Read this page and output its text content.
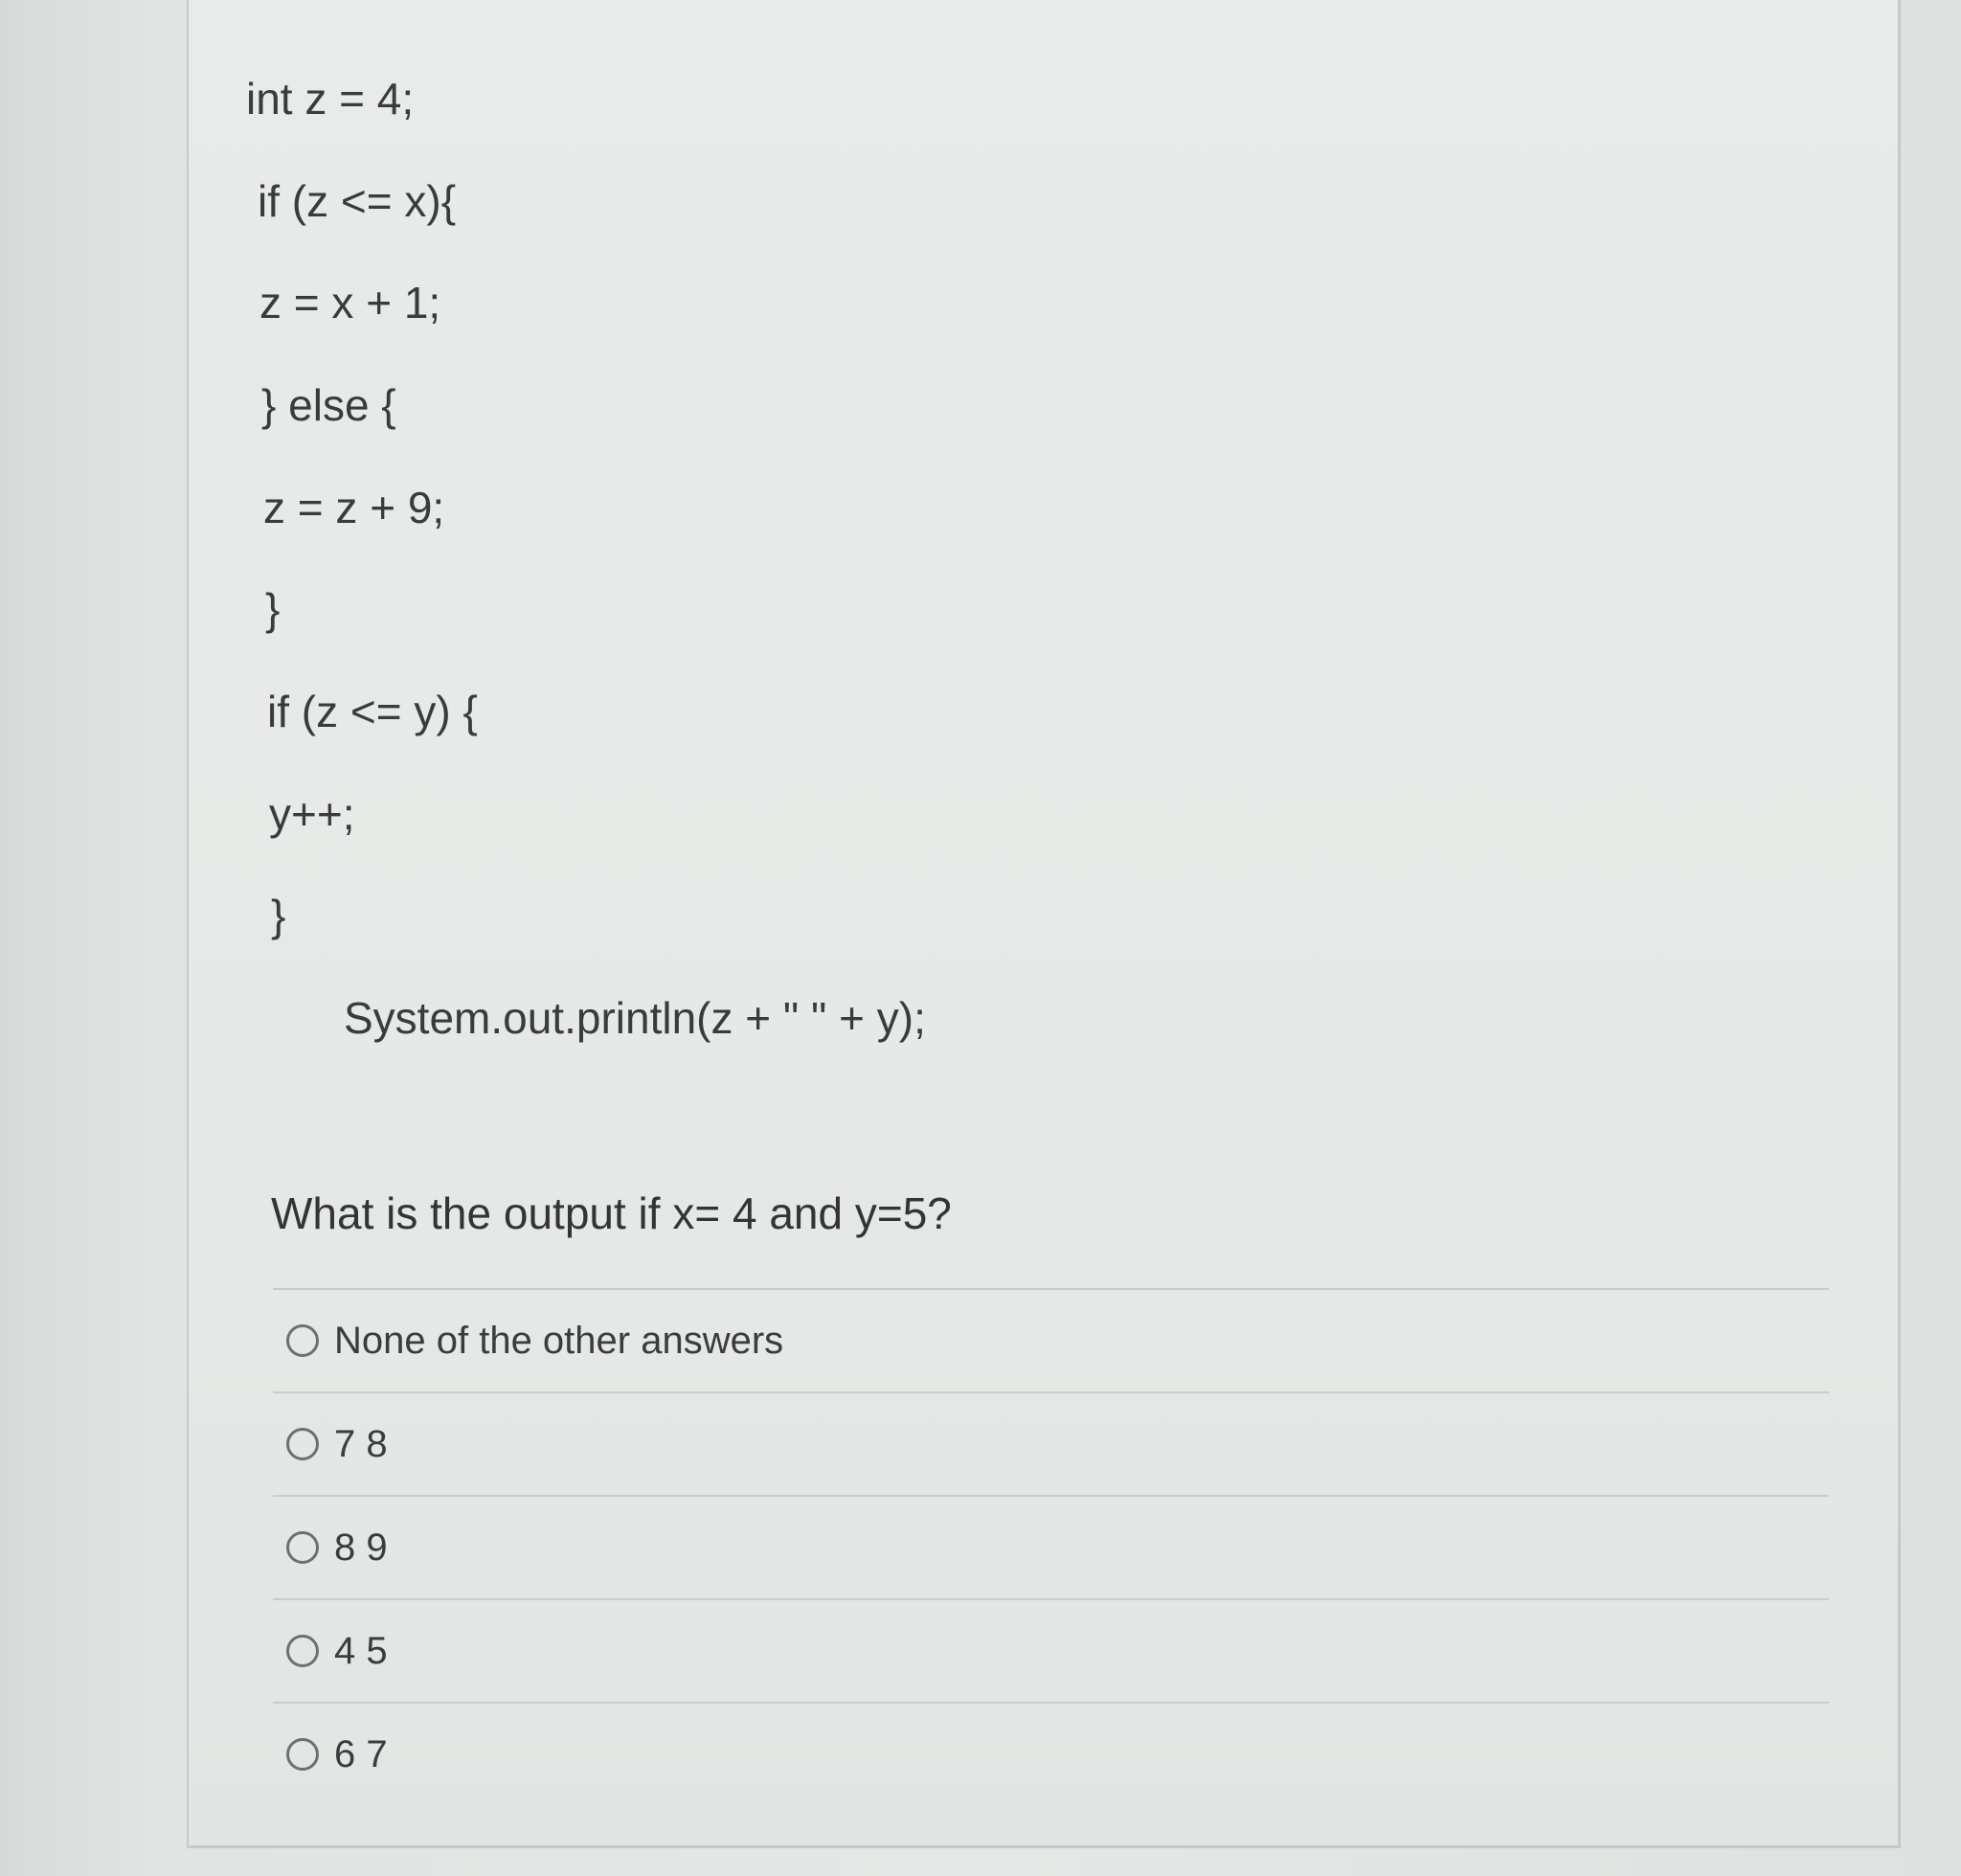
int z = 4;
if (z <= x){
z = x + 1;
} else {
z = z + 9;
}
if (z <= y) {
y++;
}
System.out.println(z + " " + y);
What is the output if x= 4 and y=5?
None of the other answers
7 8
8 9
4 5
6 7
